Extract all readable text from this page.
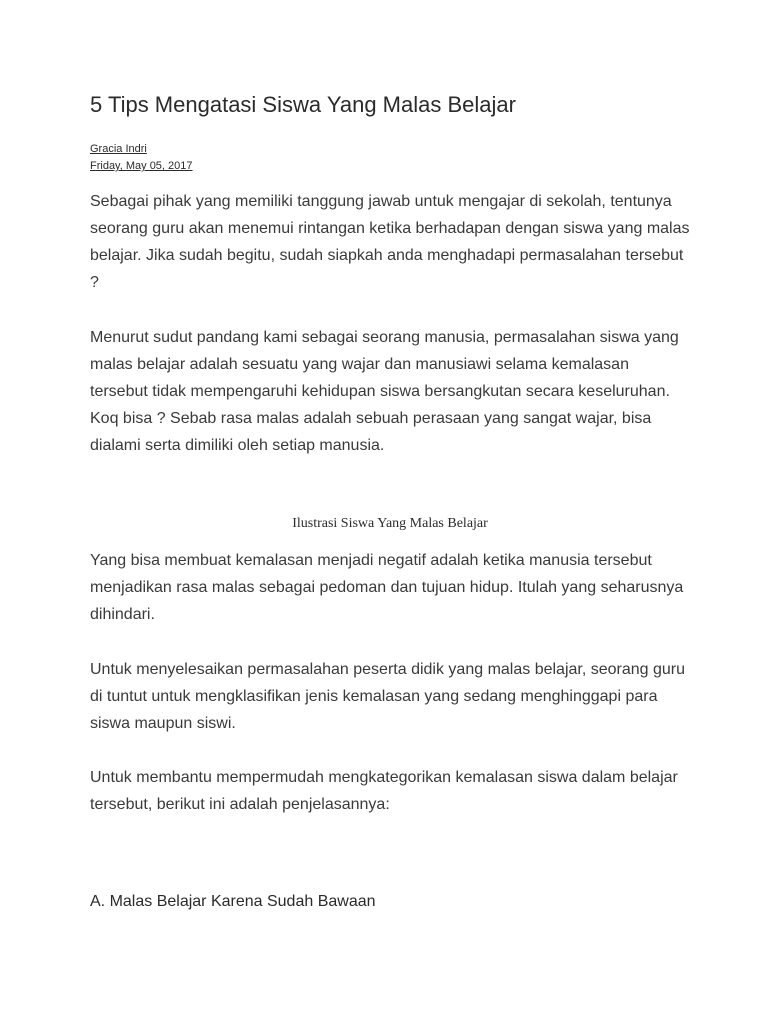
5 Tips Mengatasi Siswa Yang Malas Belajar
Gracia Indri
Friday, May 05, 2017

Sebagai pihak yang memiliki tanggung jawab untuk mengajar di sekolah, tentunya seorang guru akan menemui rintangan ketika berhadapan dengan siswa yang malas belajar. Jika sudah begitu, sudah siapkah anda menghadapi permasalahan tersebut ?

Menurut sudut pandang kami sebagai seorang manusia, permasalahan siswa yang malas belajar adalah sesuatu yang wajar dan manusiawi selama kemalasan tersebut tidak mempengaruhi kehidupan siswa bersangkutan secara keseluruhan. Koq bisa ? Sebab rasa malas adalah sebuah perasaan yang sangat wajar, bisa dialami serta dimiliki oleh setiap manusia.

Ilustrasi Siswa Yang Malas Belajar

Yang bisa membuat kemalasan menjadi negatif adalah ketika manusia tersebut menjadikan rasa malas sebagai pedoman dan tujuan hidup. Itulah yang seharusnya dihindari.

Untuk menyelesaikan permasalahan peserta didik yang malas belajar, seorang guru di tuntut untuk mengklasifikan jenis kemalasan yang sedang menghinggapi para siswa maupun siswi.

Untuk membantu mempermudah mengkategorikan kemalasan siswa dalam belajar tersebut, berikut ini adalah penjelasannya:

A. Malas Belajar Karena Sudah Bawaan
